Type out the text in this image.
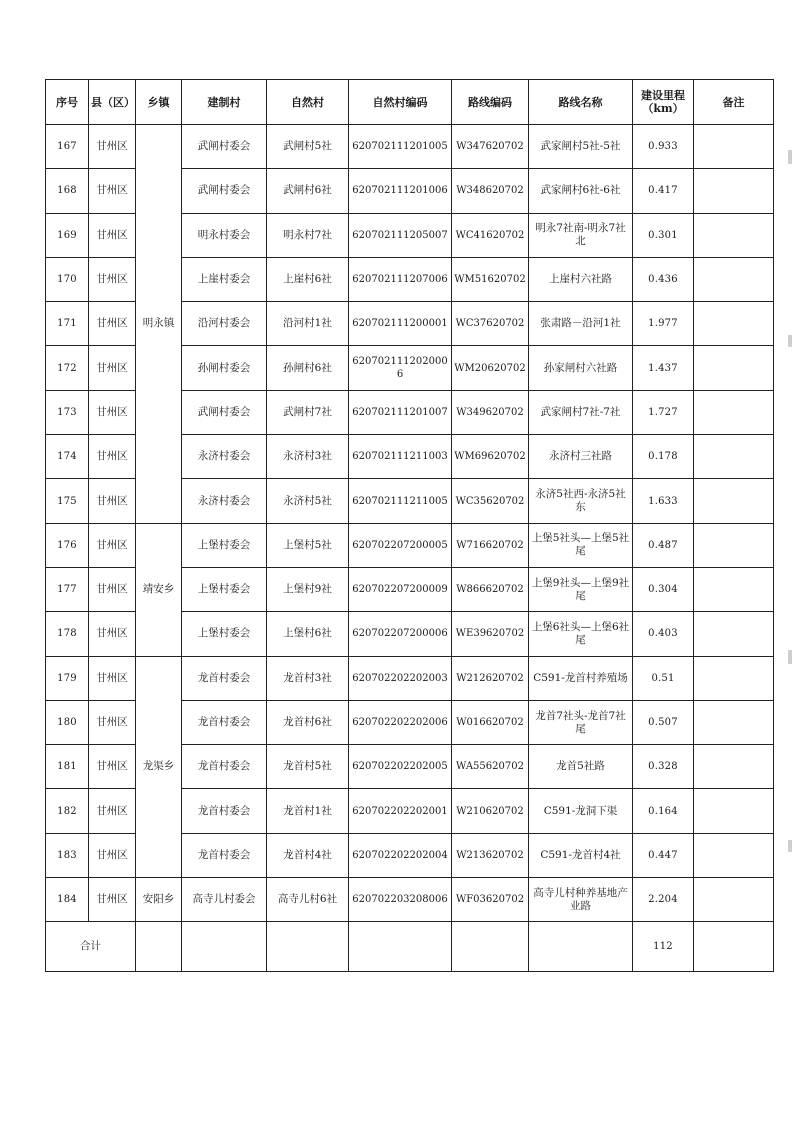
序号	县（区）	乡镇	建制村	自然村	自然村编码	路线编码	路线名称	建设里程（km）	备注
167	甘州区	明永镇	武闸村委会	武闸村5社	620702111201005	W347620702	武家闸村5社-5社	0.933	
168	甘州区		武闸村委会	武闸村6社	620702111201006	W348620702	武家闸村6社-6社	0.417	
169	甘州区		明永村委会	明永村7社	620702111205007	WC41620702	明永7社南-明永7社北	0.301	
170	甘州区		上崖村委会	上崖村6社	620702111207006	WM51620702	上崖村六社路	0.436	
171	甘州区		沿河村委会	沿河村1社	620702111200001	WC37620702	张肃路－沿河1社	1.977	
172	甘州区		孙闸村委会	孙闸村6社	6207021112020006	WM20620702	孙家闸村六社路	1.437	
173	甘州区		武闸村委会	武闸村7社	620702111201007	W349620702	武家闸村7社-7社	1.727	
174	甘州区		永济村委会	永济村3社	620702111211003	WM69620702	永济村三社路	0.178	
175	甘州区		永济村委会	永济村5社	620702111211005	WC35620702	永济5社西-永济5社东	1.633	
176	甘州区	靖安乡	上堡村委会	上堡村5社	620702207200005	W716620702	上堡5社头—上堡5社尾	0.487	
177	甘州区		上堡村委会	上堡村9社	620702207200009	W866620702	上堡9社头—上堡9社尾	0.304	
178	甘州区		上堡村委会	上堡村6社	620702207200006	WE39620702	上堡6社头—上堡6社尾	0.403	
179	甘州区	龙渠乡	龙首村委会	龙首村3社	620702202202003	W212620702	C591-龙首村养殖场	0.51	
180	甘州区		龙首村委会	龙首村6社	620702202202006	W016620702	龙首7社头-龙首7社尾	0.507	
181	甘州区		龙首村委会	龙首村5社	620702202202005	WA55620702	龙首5社路	0.328	
182	甘州区		龙首村委会	龙首村1社	620702202202001	W210620702	C591-龙洞下渠	0.164	
183	甘州区		龙首村委会	龙首村4社	620702202202004	W213620702	C591-龙首村4社	0.447	
184	甘州区	安阳乡	高寺儿村委会	高寺儿村6社	620702203208006	WF03620702	高寺儿村种养基地产业路	2.204	
合计								112	
